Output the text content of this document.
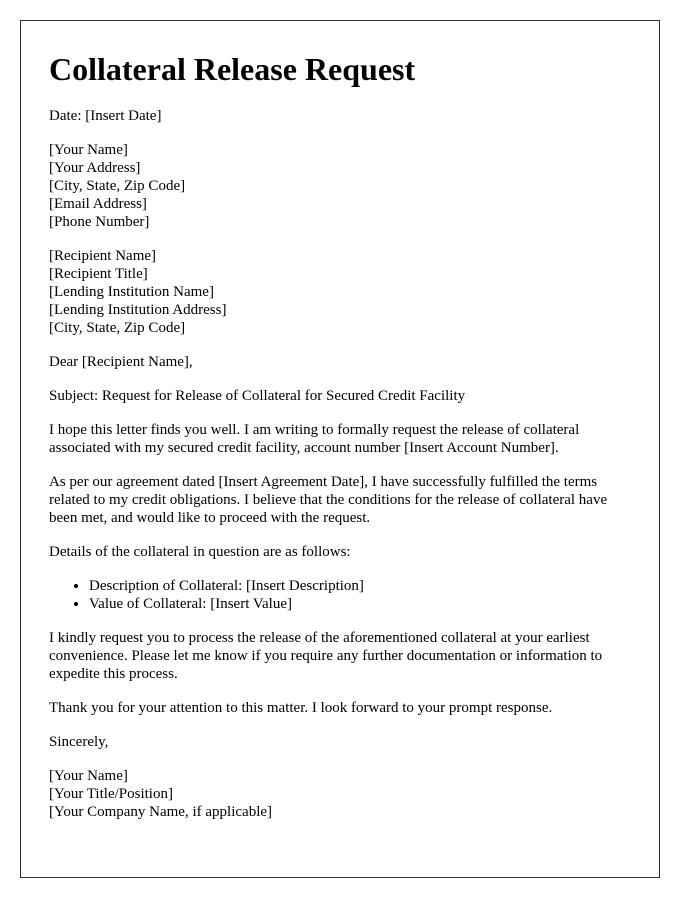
Collateral Release Request
Date: [Insert Date]
[Your Name]
[Your Address]
[City, State, Zip Code]
[Email Address]
[Phone Number]
[Recipient Name]
[Recipient Title]
[Lending Institution Name]
[Lending Institution Address]
[City, State, Zip Code]

Dear [Recipient Name],

Subject: Request for Release of Collateral for Secured Credit Facility

I hope this letter finds you well. I am writing to formally request the release of collateral associated with my secured credit facility, account number [Insert Account Number].

As per our agreement dated [Insert Agreement Date], I have successfully fulfilled the terms related to my credit obligations. I believe that the conditions for the release of collateral have been met, and would like to proceed with the request.

Details of the collateral in question are as follows:

• Description of Collateral: [Insert Description]
• Value of Collateral: [Insert Value]

I kindly request you to process the release of the aforementioned collateral at your earliest convenience. Please let me know if you require any further documentation or information to expedite this process.

Thank you for your attention to this matter. I look forward to your prompt response.

Sincerely,

[Your Name]
[Your Title/Position]
[Your Company Name, if applicable]
